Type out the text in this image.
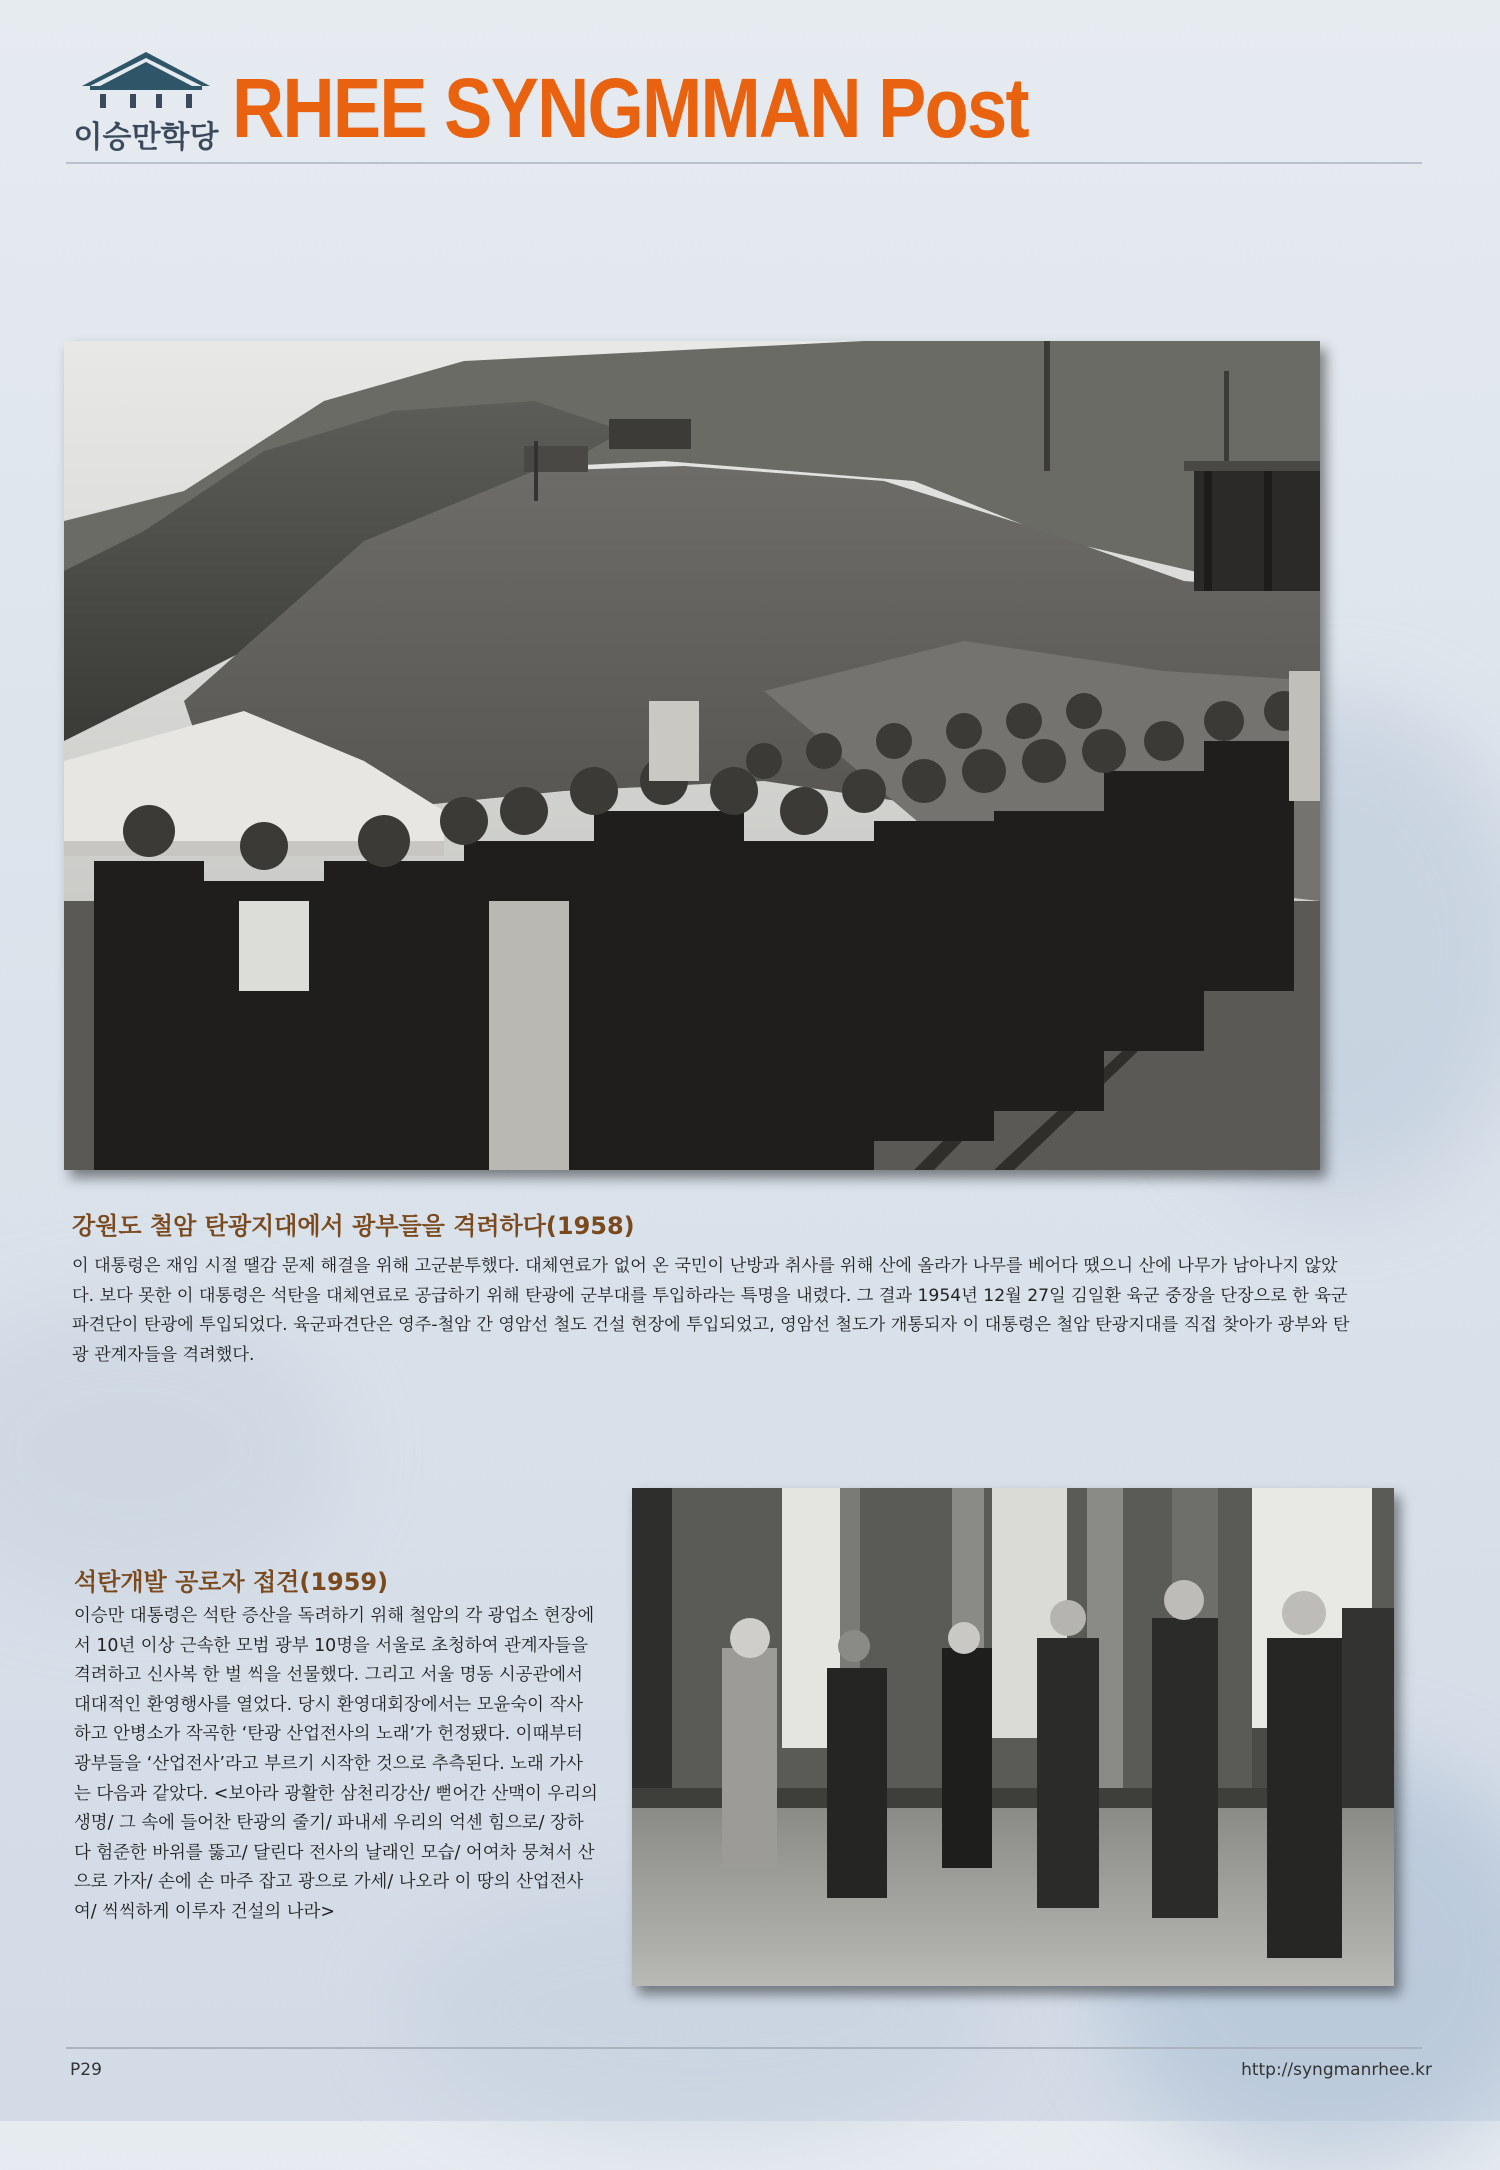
이승만학당 RHEE SYNGMMAN Post
강원도 철암 탄광지대에서 광부들을 격려하다(1958)

이 대통령은 재임 시절 땔감 문제 해결을 위해 고군분투했다. 대체연료가 없어 온 국민이 난방과 취사를 위해 산에 올라가 나무를 베어다 땠으니 산에 나무가 남아나지 않았다. 보다 못한 이 대통령은 석탄을 대체연료로 공급하기 위해 탄광에 군부대를 투입하라는 특명을 내렸다. 그 결과 1954년 12월 27일 김일환 육군 중장을 단장으로 한 육군파견단이 탄광에 투입되었다. 육군파견단은 영주-철암 간 영암선 철도 건설 현장에 투입되었고, 영암선 철도가 개통되자 이 대통령은 철암 탄광지대를 직접 찾아가 광부와 탄광 관계자들을 격려했다.

석탄개발 공로자 접견(1959)

이승만 대통령은 석탄 증산을 독려하기 위해 철암의 각 광업소 현장에서 10년 이상 근속한 모범 광부 10명을 서울로 초청하여 관계자들을 격려하고 신사복 한 벌 씩을 선물했다. 그리고 서울 명동 시공관에서 대대적인 환영행사를 열었다. 당시 환영대회장에서는 모윤숙이 작사하고 안병소가 작곡한 ‘탄광 산업전사의 노래’가 헌정됐다. 이때부터 광부들을 ‘산업전사’라고 부르기 시작한 것으로 추측된다. 노래 가사는 다음과 같았다. <보아라 광활한 삼천리강산/ 뻗어간 산맥이 우리의 생명/ 그 속에 들어찬 탄광의 줄기/ 파내세 우리의 억센 힘으로/ 장하다 험준한 바위를 뚫고/ 달린다 전사의 날래인 모습/ 어여차 뭉쳐서 산으로 가자/ 손에 손 마주 잡고 광으로 가세/ 나오라 이 땅의 산업전사여/ 씩씩하게 이루자 건설의 나라>

P29	http://syngmanrhee.kr
